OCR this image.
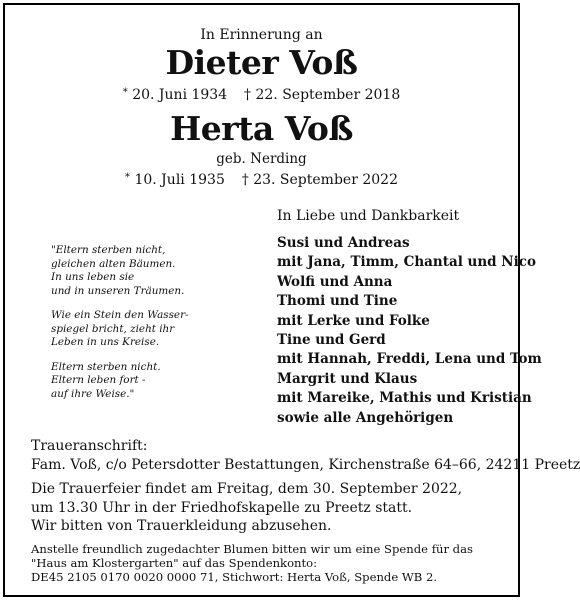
In Erinnerung an
Dieter Voß
* 20. Juni 1934 † 22. September 2018
Herta Voß
geb. Nerding
* 10. Juli 1935 † 23. September 2022
"Eltern sterben nicht,
gleichen alten Bäumen.
In uns leben sie
und in unseren Träumen.
Wie ein Stein den Wasser-
spiegel bricht, zieht ihr
Leben in uns Kreise.
Eltern sterben nicht.
Eltern leben fort -
auf ihre Weise."
In Liebe und Dankbarkeit
Susi und Andreas
mit Jana, Timm, Chantal und Nico
Wolfi und Anna
Thomi und Tine
mit Lerke und Folke
Tine und Gerd
mit Hannah, Freddi, Lena und Tom
Margrit und Klaus
mit Mareike, Mathis und Kristian
sowie alle Angehörigen
Traueranschrift:
Fam. Voß, c/o Petersdotter Bestattungen, Kirchenstraße 64–66, 24211 Preetz
Die Trauerfeier findet am Freitag, dem 30. September 2022,
um 13.30 Uhr in der Friedhofskapelle zu Preetz statt.
Wir bitten von Trauerkleidung abzusehen.
Anstelle freundlich zugedachter Blumen bitten wir um eine Spende für das
"Haus am Klostergarten" auf das Spendenkonto:
DE45 2105 0170 0020 0000 71, Stichwort: Herta Voß, Spende WB 2.
